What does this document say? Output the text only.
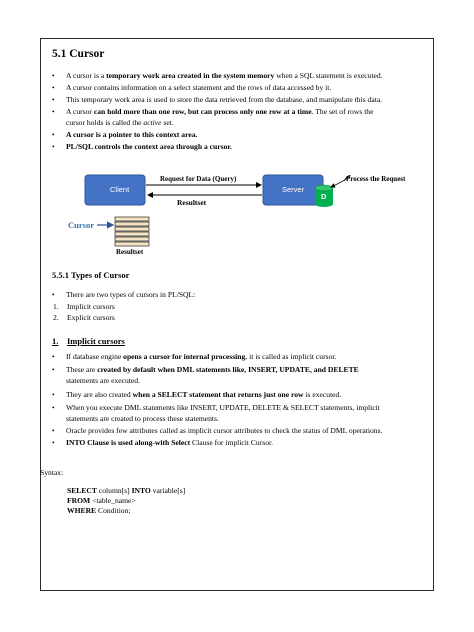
5.1 Cursor
• A cursor is a temporary work area created in the system memory when a SQL statement is executed.
• A cursor contains information on a select statement and the rows of data accessed by it.
• This temporary work area is used to store the data retrieved from the database, and manipulate this data.
• A cursor can hold more than one row, but can process only one row at a time. The set of rows the
cursor holds is called the active set.
• A cursor is a pointer to this context area.
• PL/SQL controls the context area through a cursor.
Client	Server
D
Request for Data (Query)
Resultset
Process the Request
Cursor
Resultset
5.5.1 Types of Cursor
• There are two types of cursors in PL/SQL:
1. Implicit cursors
2. Explicit cursors
1. Implicit cursors
• If database engine opens a cursor for internal processing, it is called as implicit cursor.
• These are created by default when DML statements like, INSERT, UPDATE, and DELETE
statements are executed.
• They are also created when a SELECT statement that returns just one row is executed.
• When you execute DML statements like INSERT, UPDATE, DELETE & SELECT statements, implicit
statements are created to process these statements.
• Oracle provides few attributes called as implicit cursor attributes to check the status of DML operations.
• INTO Clause is used along-with Select Clause for implicit Cursor.
Syntax:
SELECT column[s] INTO variable[s]
FROM <table_name>
WHERE Condition;
